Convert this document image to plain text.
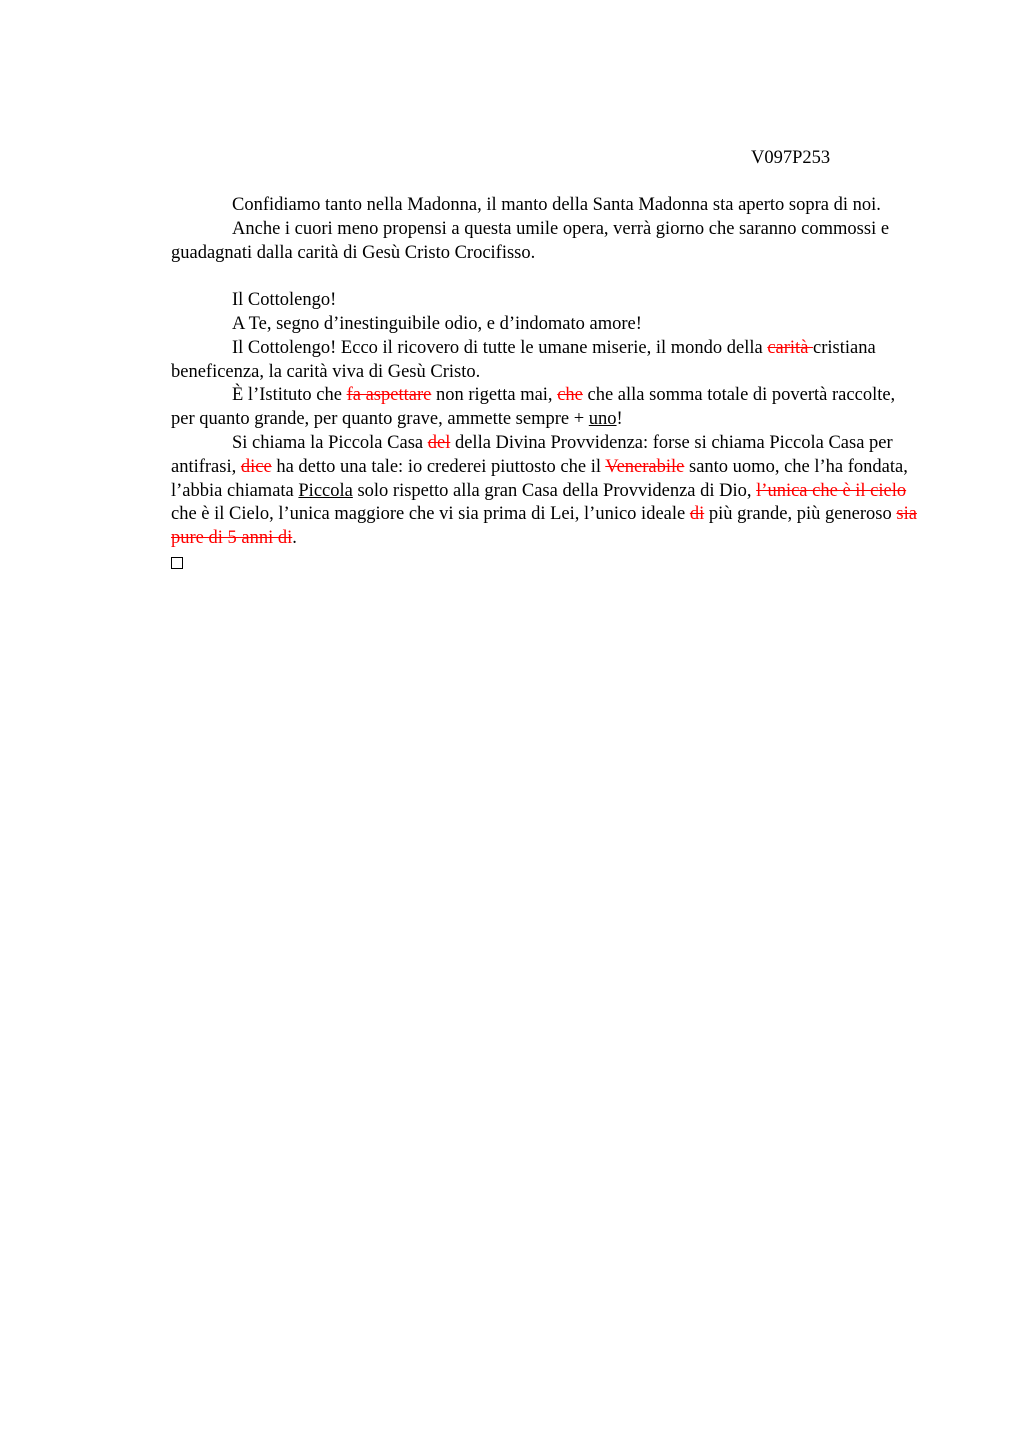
V097P253

Confidiamo tanto nella Madonna, il manto della Santa Madonna sta aperto sopra di noi.

Anche i cuori meno propensi a questa umile opera, verrà giorno che saranno commossi e guadagnati dalla carità di Gesù Cristo Crocifisso.

Il Cottolengo!

A Te, segno d’inestinguibile odio, e d’indomato amore!

Il Cottolengo! Ecco il ricovero di tutte le umane miserie, il mondo della carità cristiana beneficenza, la carità viva di Gesù Cristo.

È l’Istituto che fa aspettare non rigetta mai, che che alla somma totale di povertà raccolte, per quanto grande, per quanto grave, ammette sempre + uno!

Si chiama la Piccola Casa del della Divina Provvidenza: forse si chiama Piccola Casa per antifrasi, dice ha detto una tale: io crederei piuttosto che il Venerabile santo uomo, che l’ha fondata, l’abbia chiamata Piccola solo rispetto alla gran Casa della Provvidenza di Dio, l’unica che è il cielo che è il Cielo, l’unica maggiore che vi sia prima di Lei, l’unico ideale di più grande, più generoso sia pure di 5 anni di.
